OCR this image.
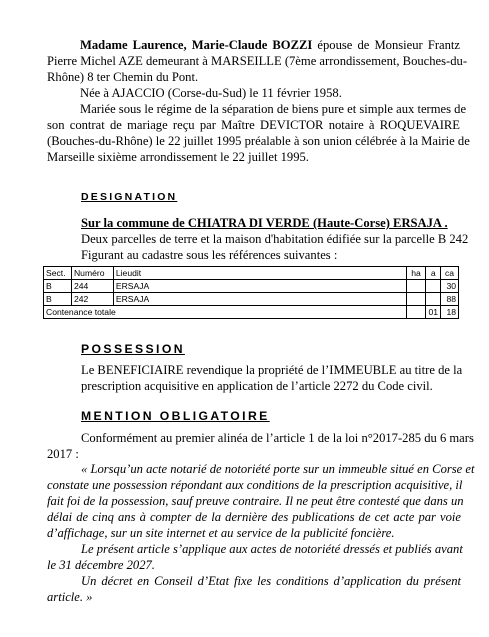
Madame Laurence, Marie-Claude BOZZI épouse de Monsieur Frantz

Pierre Michel AZE demeurant à MARSEILLE (7ème arrondissement, Bouches-du-

Rhône) 8 ter Chemin du Pont.

Née à AJACCIO (Corse-du-Sud) le 11 février 1958.

Mariée sous le régime de la séparation de biens pure et simple aux termes de

son contrat de mariage reçu par Maître DEVICTOR notaire à ROQUEVAIRE

(Bouches-du-Rhône) le 22 juillet 1995 préalable à son union célébrée à la Mairie de

Marseille sixième arrondissement le 22 juillet 1995.

DESIGNATION

Sur la commune de CHIATRA DI VERDE (Haute-Corse) ERSAJA .

Deux parcelles de terre et la maison d'habitation édifiée sur la parcelle B 242

Figurant au cadastre sous les références suivantes :

Sect.	Numéro	Lieudit	ha	a	ca
B	244	ERSAJA			30
B	242	ERSAJA			88
Contenance totale				01	18

POSSESSION

Le BENEFICIAIRE revendique la propriété de l’IMMEUBLE au titre de la

prescription acquisitive en application de l’article 2272 du Code civil.

MENTION OBLIGATOIRE

Conformément au premier alinéa de l’article 1 de la loi n°2017-285 du 6 mars

2017 :

« Lorsqu’un acte notarié de notoriété porte sur un immeuble situé en Corse et

constate une possession répondant aux conditions de la prescription acquisitive, il

fait foi de la possession, sauf preuve contraire. Il ne peut être contesté que dans un

délai de cinq ans à compter de la dernière des publications de cet acte par voie

d’affichage, sur un site internet et au service de la publicité foncière.

Le présent article s’applique aux actes de notoriété dressés et publiés avant

le 31 décembre 2027.

Un décret en Conseil d’Etat fixe les conditions d’application du présent

article. »
